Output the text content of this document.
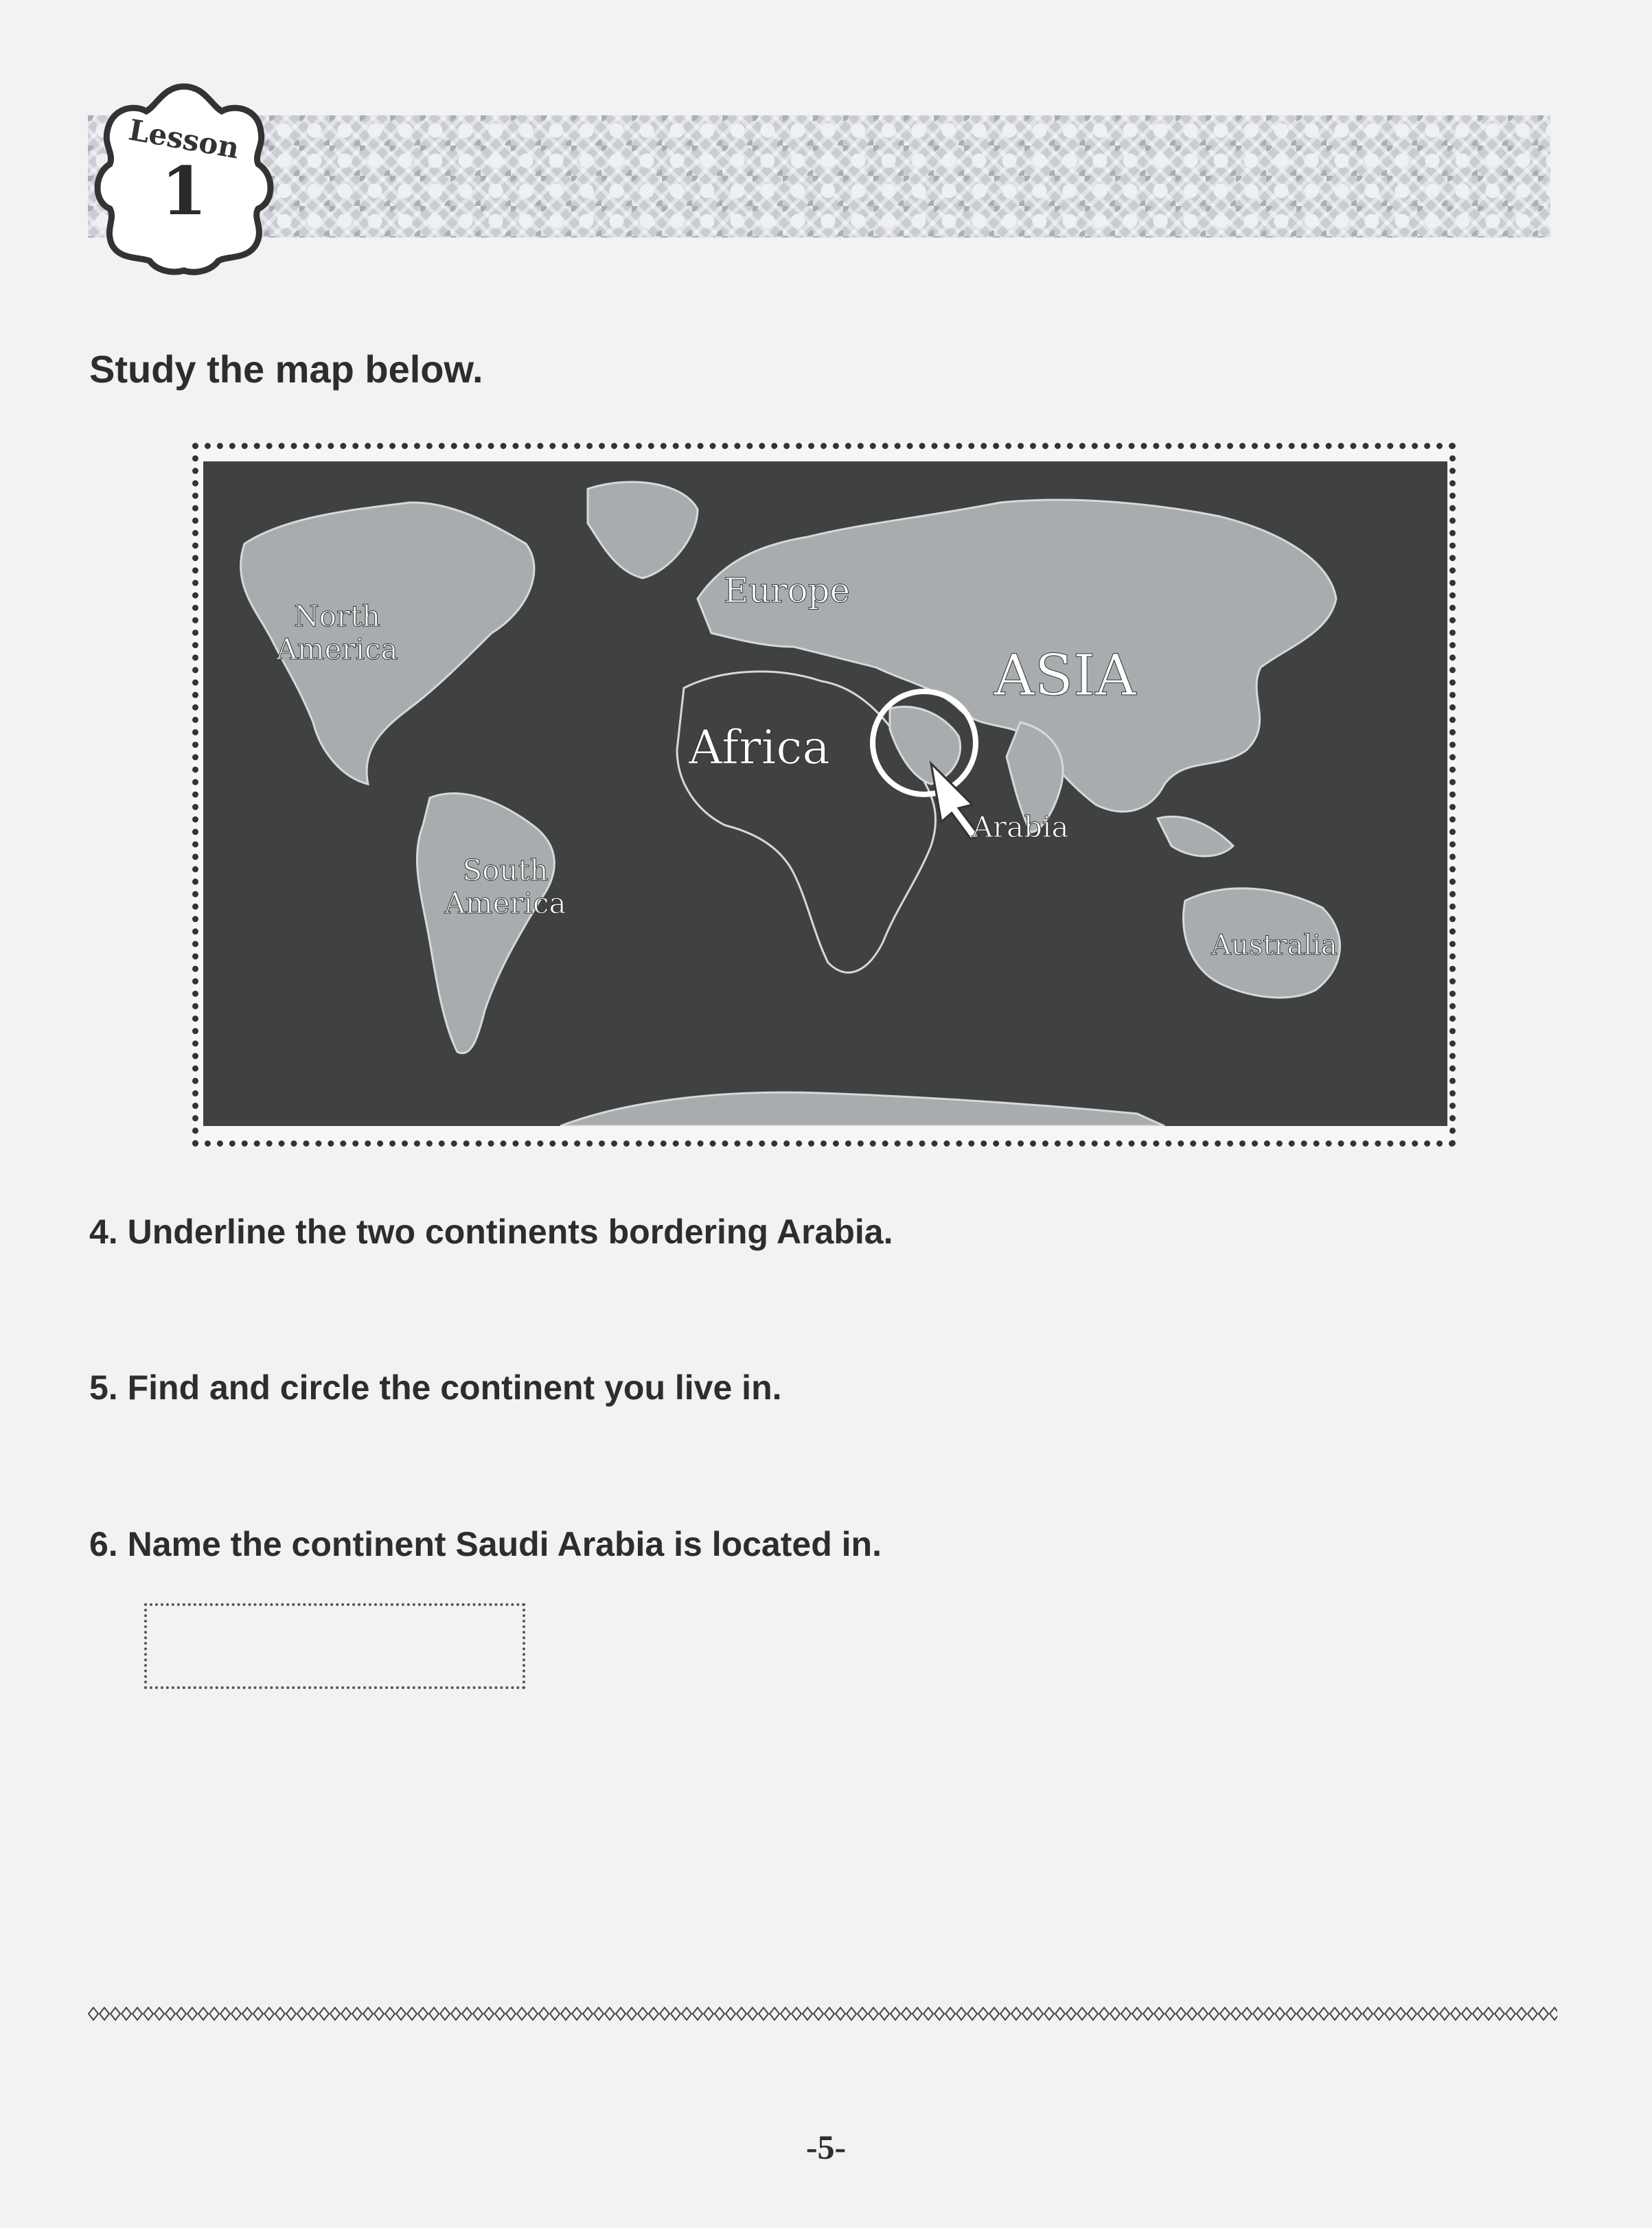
Lesson
1
Study the map below.
North
America
South
America
Europe
ASIA
Africa
Arabia
Australia
4. Underline the two continents bordering Arabia.
5. Find and circle the continent you live in.
6. Name the continent Saudi Arabia is located in.
-5-
